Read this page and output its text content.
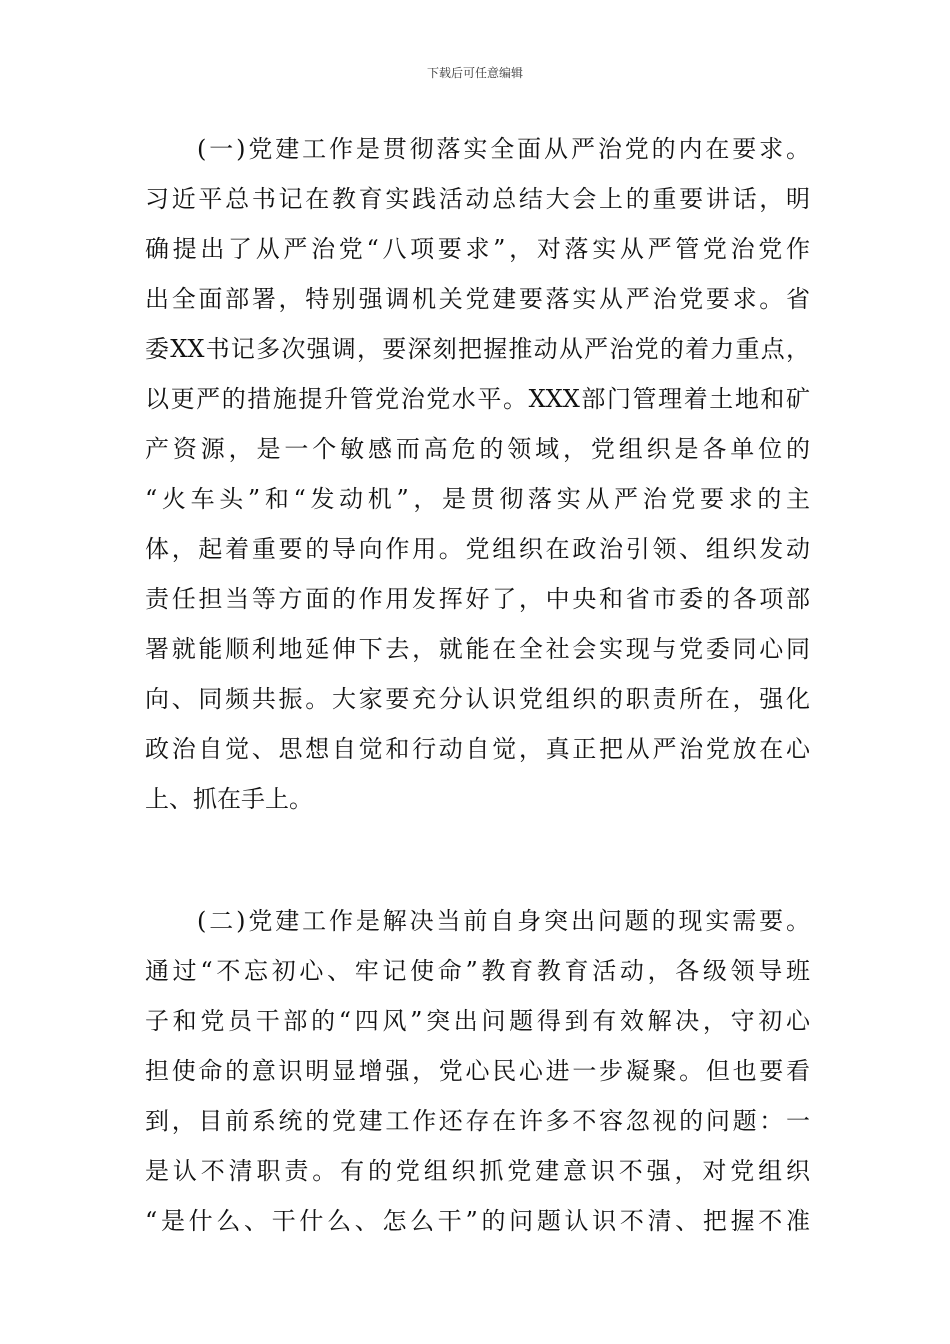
下载后可任意编辑

(一)党建工作是贯彻落实全面从严治党的内在要求。
习近平总书记在教育实践活动总结大会上的重要讲话，明
确提出了从严治党“八项要求”，对落实从严管党治党作
出全面部署，特别强调机关党建要落实从严治党要求。省
委XX书记多次强调，要深刻把握推动从严治党的着力重点，
以更严的措施提升管党治党水平。XXX部门管理着土地和矿
产资源，是一个敏感而高危的领域，党组织是各单位的
“火车头”和“发动机”，是贯彻落实从严治党要求的主
体，起着重要的导向作用。党组织在政治引领、组织发动
责任担当等方面的作用发挥好了，中央和省市委的各项部
署就能顺利地延伸下去，就能在全社会实现与党委同心同
向、同频共振。大家要充分认识党组织的职责所在，强化
政治自觉、思想自觉和行动自觉，真正把从严治党放在心
上、抓在手上。

(二)党建工作是解决当前自身突出问题的现实需要。
通过“不忘初心、牢记使命”教育教育活动，各级领导班
子和党员干部的“四风”突出问题得到有效解决，守初心
担使命的意识明显增强，党心民心进一步凝聚。但也要看
到，目前系统的党建工作还存在许多不容忽视的问题：一
是认不清职责。有的党组织抓党建意识不强，对党组织
“是什么、干什么、怎么干”的问题认识不清、把握不准
